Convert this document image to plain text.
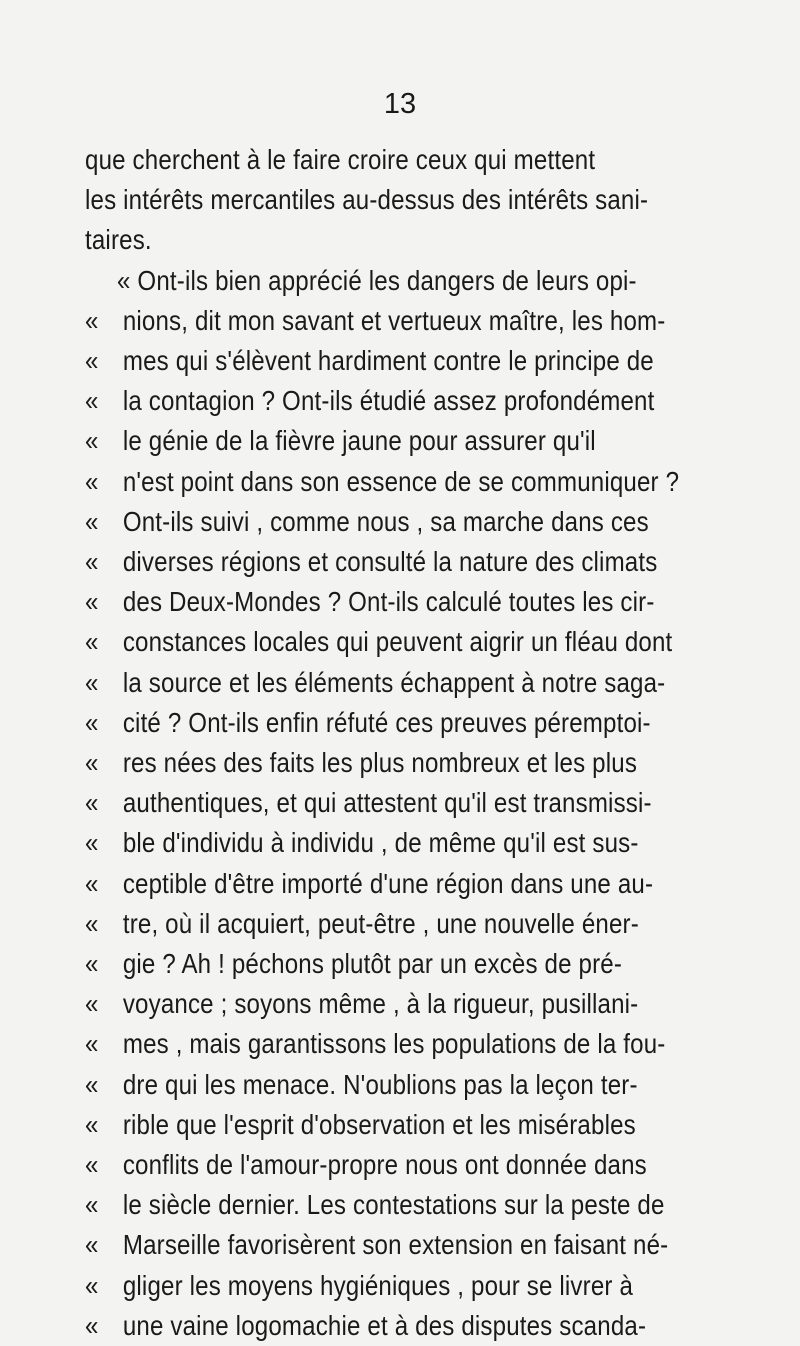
13
que cherchent à le faire croire ceux qui mettent
les intérêts mercantiles au-dessus des intérêts sani-
taires.
« Ont-ils bien apprécié les dangers de leurs opi-
« nions, dit mon savant et vertueux maître, les hom-
« mes qui s'élèvent hardiment contre le principe de
« la contagion ? Ont-ils étudié assez profondément
« le génie de la fièvre jaune pour assurer qu'il
« n'est point dans son essence de se communiquer ?
« Ont-ils suivi , comme nous , sa marche dans ces
« diverses régions et consulté la nature des climats
« des Deux-Mondes ? Ont-ils calculé toutes les cir-
« constances locales qui peuvent aigrir un fléau dont
« la source et les éléments échappent à notre saga-
« cité ? Ont-ils enfin réfuté ces preuves péremptoi-
« res nées des faits les plus nombreux et les plus
« authentiques, et qui attestent qu'il est transmissi-
« ble d'individu à individu , de même qu'il est sus-
« ceptible d'être importé d'une région dans une au-
« tre, où il acquiert, peut-être , une nouvelle éner-
« gie ? Ah ! péchons plutôt par un excès de pré-
« voyance ; soyons même , à la rigueur, pusillani-
« mes , mais garantissons les populations de la fou-
« dre qui les menace. N'oublions pas la leçon ter-
« rible que l'esprit d'observation et les misérables
« conflits de l'amour-propre nous ont donnée dans
« le siècle dernier. Les contestations sur la peste de
« Marseille favorisèrent son extension en faisant né-
« gliger les moyens hygiéniques , pour se livrer à
« une vaine logomachie et à des disputes scanda-
